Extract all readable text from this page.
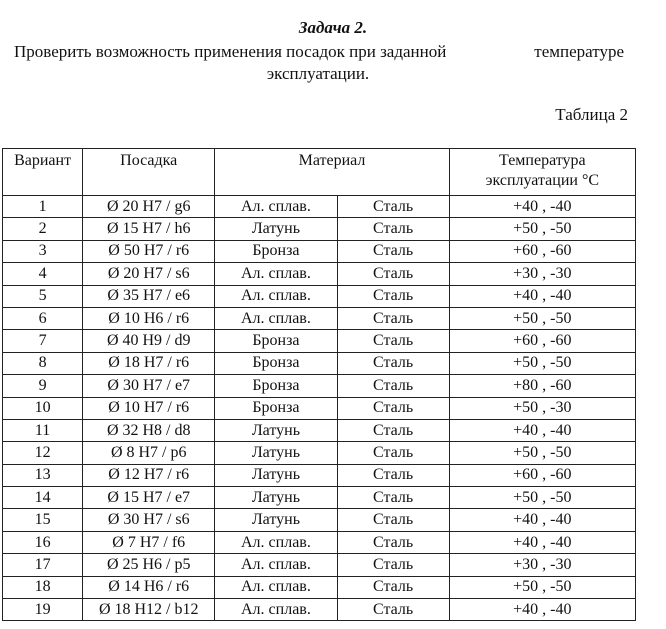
Задача 2.
Проверить возможность применения посадок при заданной	температуре
эксплуатации.
Таблица 2
Вариант	Посадка	Материал		Температура
эксплуатации °С

1	Ø 20 H7 / g6	Ал. сплав.	Сталь	+40 , -40
2	Ø 15 H7 / h6	Латунь	Сталь	+50 , -50
3	Ø 50 H7 / r6	Бронза	Сталь	+60 , -60
4	Ø 20 H7 / s6	Ал. сплав.	Сталь	+30 , -30
5	Ø 35 H7 / e6	Ал. сплав.	Сталь	+40 , -40
6	Ø 10 H6 / r6	Ал. сплав.	Сталь	+50 , -50
7	Ø 40 H9 / d9	Бронза	Сталь	+60 , -60
8	Ø 18 H7 / r6	Бронза	Сталь	+50 , -50
9	Ø 30 H7 / e7	Бронза	Сталь	+80 , -60
10	Ø 10 H7 / r6	Бронза	Сталь	+50 , -30
11	Ø 32 H8 / d8	Латунь	Сталь	+40 , -40
12	Ø 8 H7 / p6	Латунь	Сталь	+50 , -50
13	Ø 12 H7 / r6	Латунь	Сталь	+60 , -60
14	Ø 15 H7 / e7	Латунь	Сталь	+50 , -50
15	Ø 30 H7 / s6	Латунь	Сталь	+40 , -40
16	Ø 7 H7 / f6	Ал. сплав.	Сталь	+40 , -40
17	Ø 25 H6 / p5	Ал. сплав.	Сталь	+30 , -30
18	Ø 14 H6 / r6	Ал. сплав.	Сталь	+50 , -50
19	Ø 18 H12 / b12	Ал. сплав.	Сталь	+40 , -40
